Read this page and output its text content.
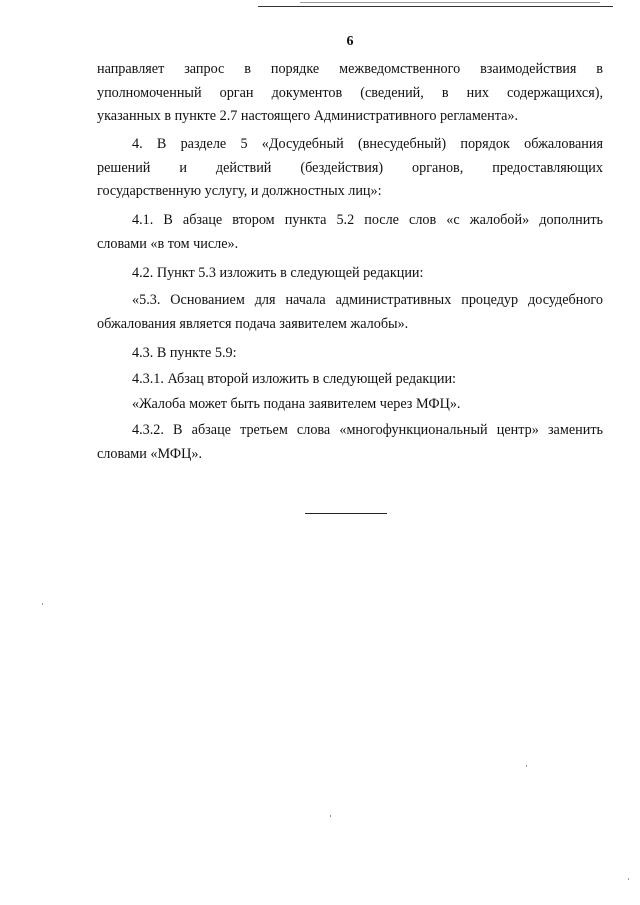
6
направляет запрос в порядке межведомственного взаимодействия в
уполномоченный орган документов (сведений, в них содержащихся),
указанных в пункте 2.7 настоящего Административного регламента».
4. В разделе 5 «Досудебный (внесудебный) порядок обжалования
решений и действий (бездействия) органов, предоставляющих
государственную услугу, и должностных лиц»:
4.1. В абзаце втором пункта 5.2 после слов «с жалобой» дополнить
словами «в том числе».
4.2. Пункт 5.3 изложить в следующей редакции:
«5.3. Основанием для начала административных процедур досудебного
обжалования является подача заявителем жалобы».
4.3. В пункте 5.9:
4.3.1. Абзац второй изложить в следующей редакции:
«Жалоба может быть подана заявителем через МФЦ».
4.3.2. В абзаце третьем слова «многофункциональный центр» заменить
словами «МФЦ».
